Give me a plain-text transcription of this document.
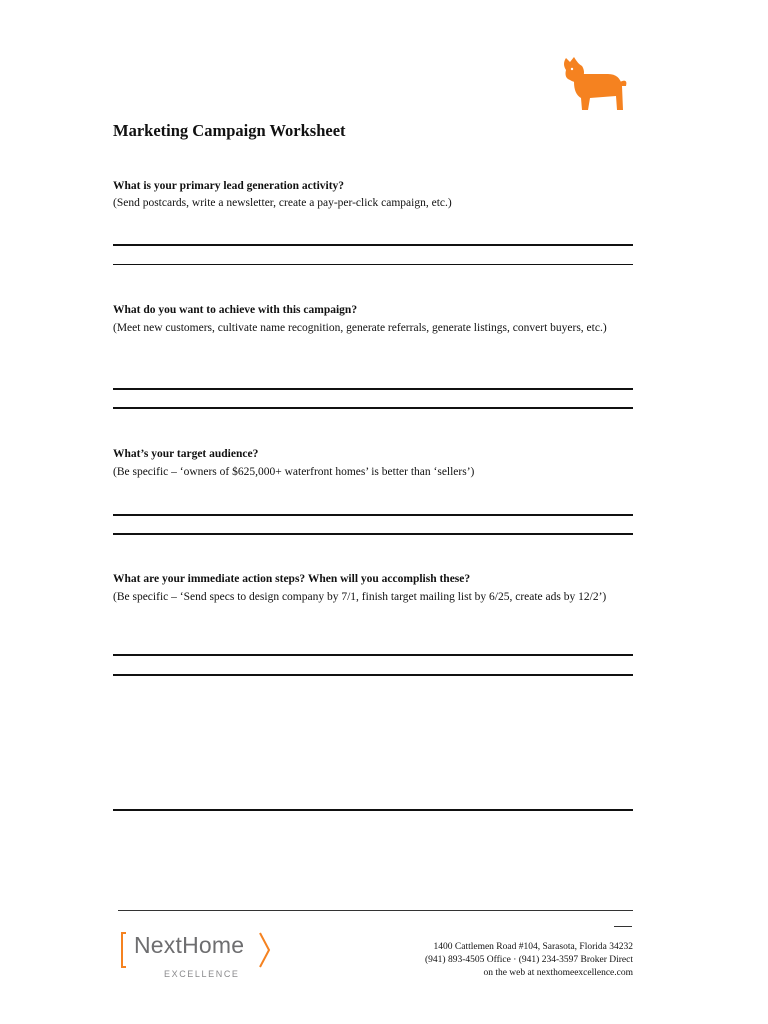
Marketing Campaign Worksheet
What is your primary lead generation activity?
(Send postcards, write a newsletter, create a pay-per-click campaign, etc.)
What do you want to achieve with this campaign?
(Meet new customers, cultivate name recognition, generate referrals, generate listings, convert buyers, etc.)
What’s your target audience?
(Be specific – ‘owners of $625,000+ waterfront homes’ is better than ‘sellers’)
What are your immediate action steps? When will you accomplish these?
(Be specific – ‘Send specs to design company by 7/1, finish target mailing list by 6/25, create ads by 12/2’)
NextHome
EXCELLENCE
1400 Cattlemen Road #104, Sarasota, Florida 34232
(941) 893-4505 Office · (941) 234-3597 Broker Direct
on the web at nexthomeexcellence.com
